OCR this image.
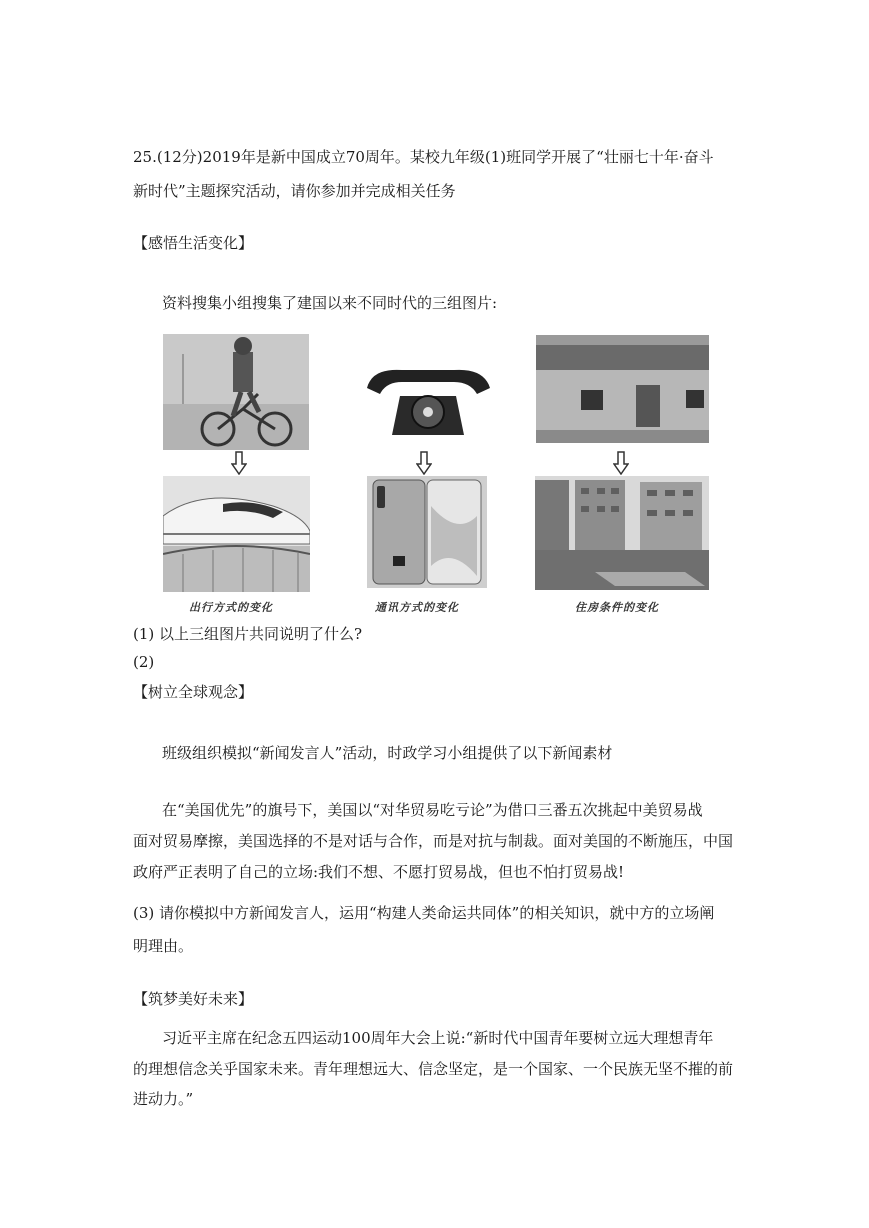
25.(12分)2019年是新中国成立70周年。某校九年级(1)班同学开展了“壮丽七十年·奋斗
新时代”主题探究活动，请你参加并完成相关任务
【感悟生活变化】
资料搜集小组搜集了建国以来不同时代的三组图片:
出行方式的变化	通讯方式的变化	住房条件的变化
(1) 以上三组图片共同说明了什么?
(2)
【树立全球观念】
班级组织模拟“新闻发言人”活动，时政学习小组提供了以下新闻素材
在“美国优先”的旗号下，美国以“对华贸易吃亏论”为借口三番五次挑起中美贸易战
面对贸易摩擦，美国选择的不是对话与合作，而是对抗与制裁。面对美国的不断施压，中国
政府严正表明了自己的立场:我们不想、不愿打贸易战，但也不怕打贸易战!
(3) 请你模拟中方新闻发言人，运用“构建人类命运共同体”的相关知识，就中方的立场阐
明理由。
【筑梦美好未来】
习近平主席在纪念五四运动100周年大会上说:“新时代中国青年要树立远大理想青年
的理想信念关乎国家未来。青年理想远大、信念坚定，是一个国家、一个民族无坚不摧的前
进动力。”
